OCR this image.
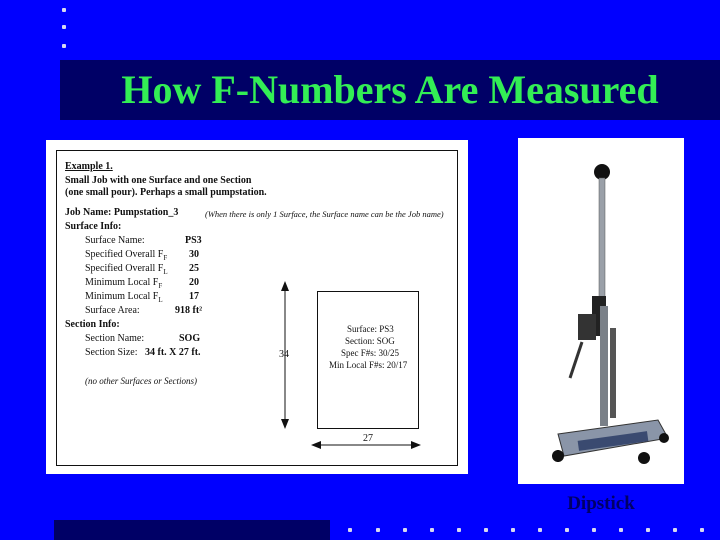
How F-Numbers Are Measured
Example 1.
Small Job with one Surface and one Section
(one small pour). Perhaps a small pumpstation.
Job Name: Pumpstation_3	(When there is only 1 Surface, the Surface name can be the Job name)
Surface Info:
Surface Name:	PS3
Specified Overall $F_F$ 30
Specified Overall $F_L$ 25
Minimum Local $F_F$	20
Minimum Local $F_L$	17
Surface Area:	918 ft²
Section Info:
Section Name:	SOG
Section Size: 34 ft. X 27 ft.
(no other Surfaces or Sections)
34
27
Surface: PS3
Section: SOG
Spec F#s: 30/25
Min Local F#s: 20/17
Dipstick
